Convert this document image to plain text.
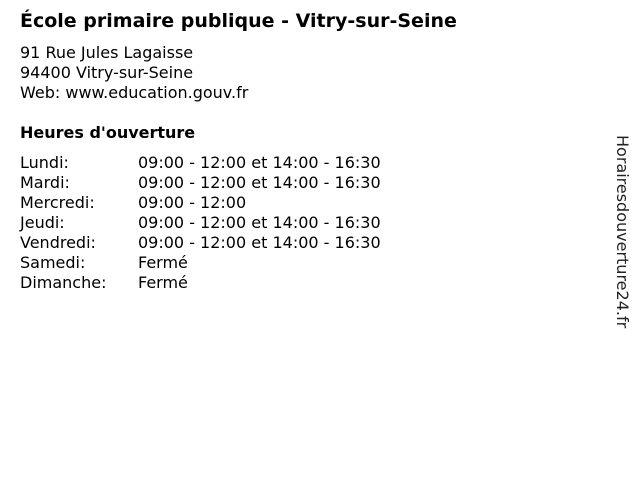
École primaire publique - Vitry-sur-Seine
91 Rue Jules Lagaisse
94400 Vitry-sur-Seine
Web: www.education.gouv.fr
Heures d'ouverture
Lundi:	09:00 - 12:00 et 14:00 - 16:30
Mardi:	09:00 - 12:00 et 14:00 - 16:30
Mercredi:	09:00 - 12:00
Jeudi:	09:00 - 12:00 et 14:00 - 16:30
Vendredi:	09:00 - 12:00 et 14:00 - 16:30
Samedi:	Fermé
Dimanche:	Fermé	Horairesdouverture24.fr
